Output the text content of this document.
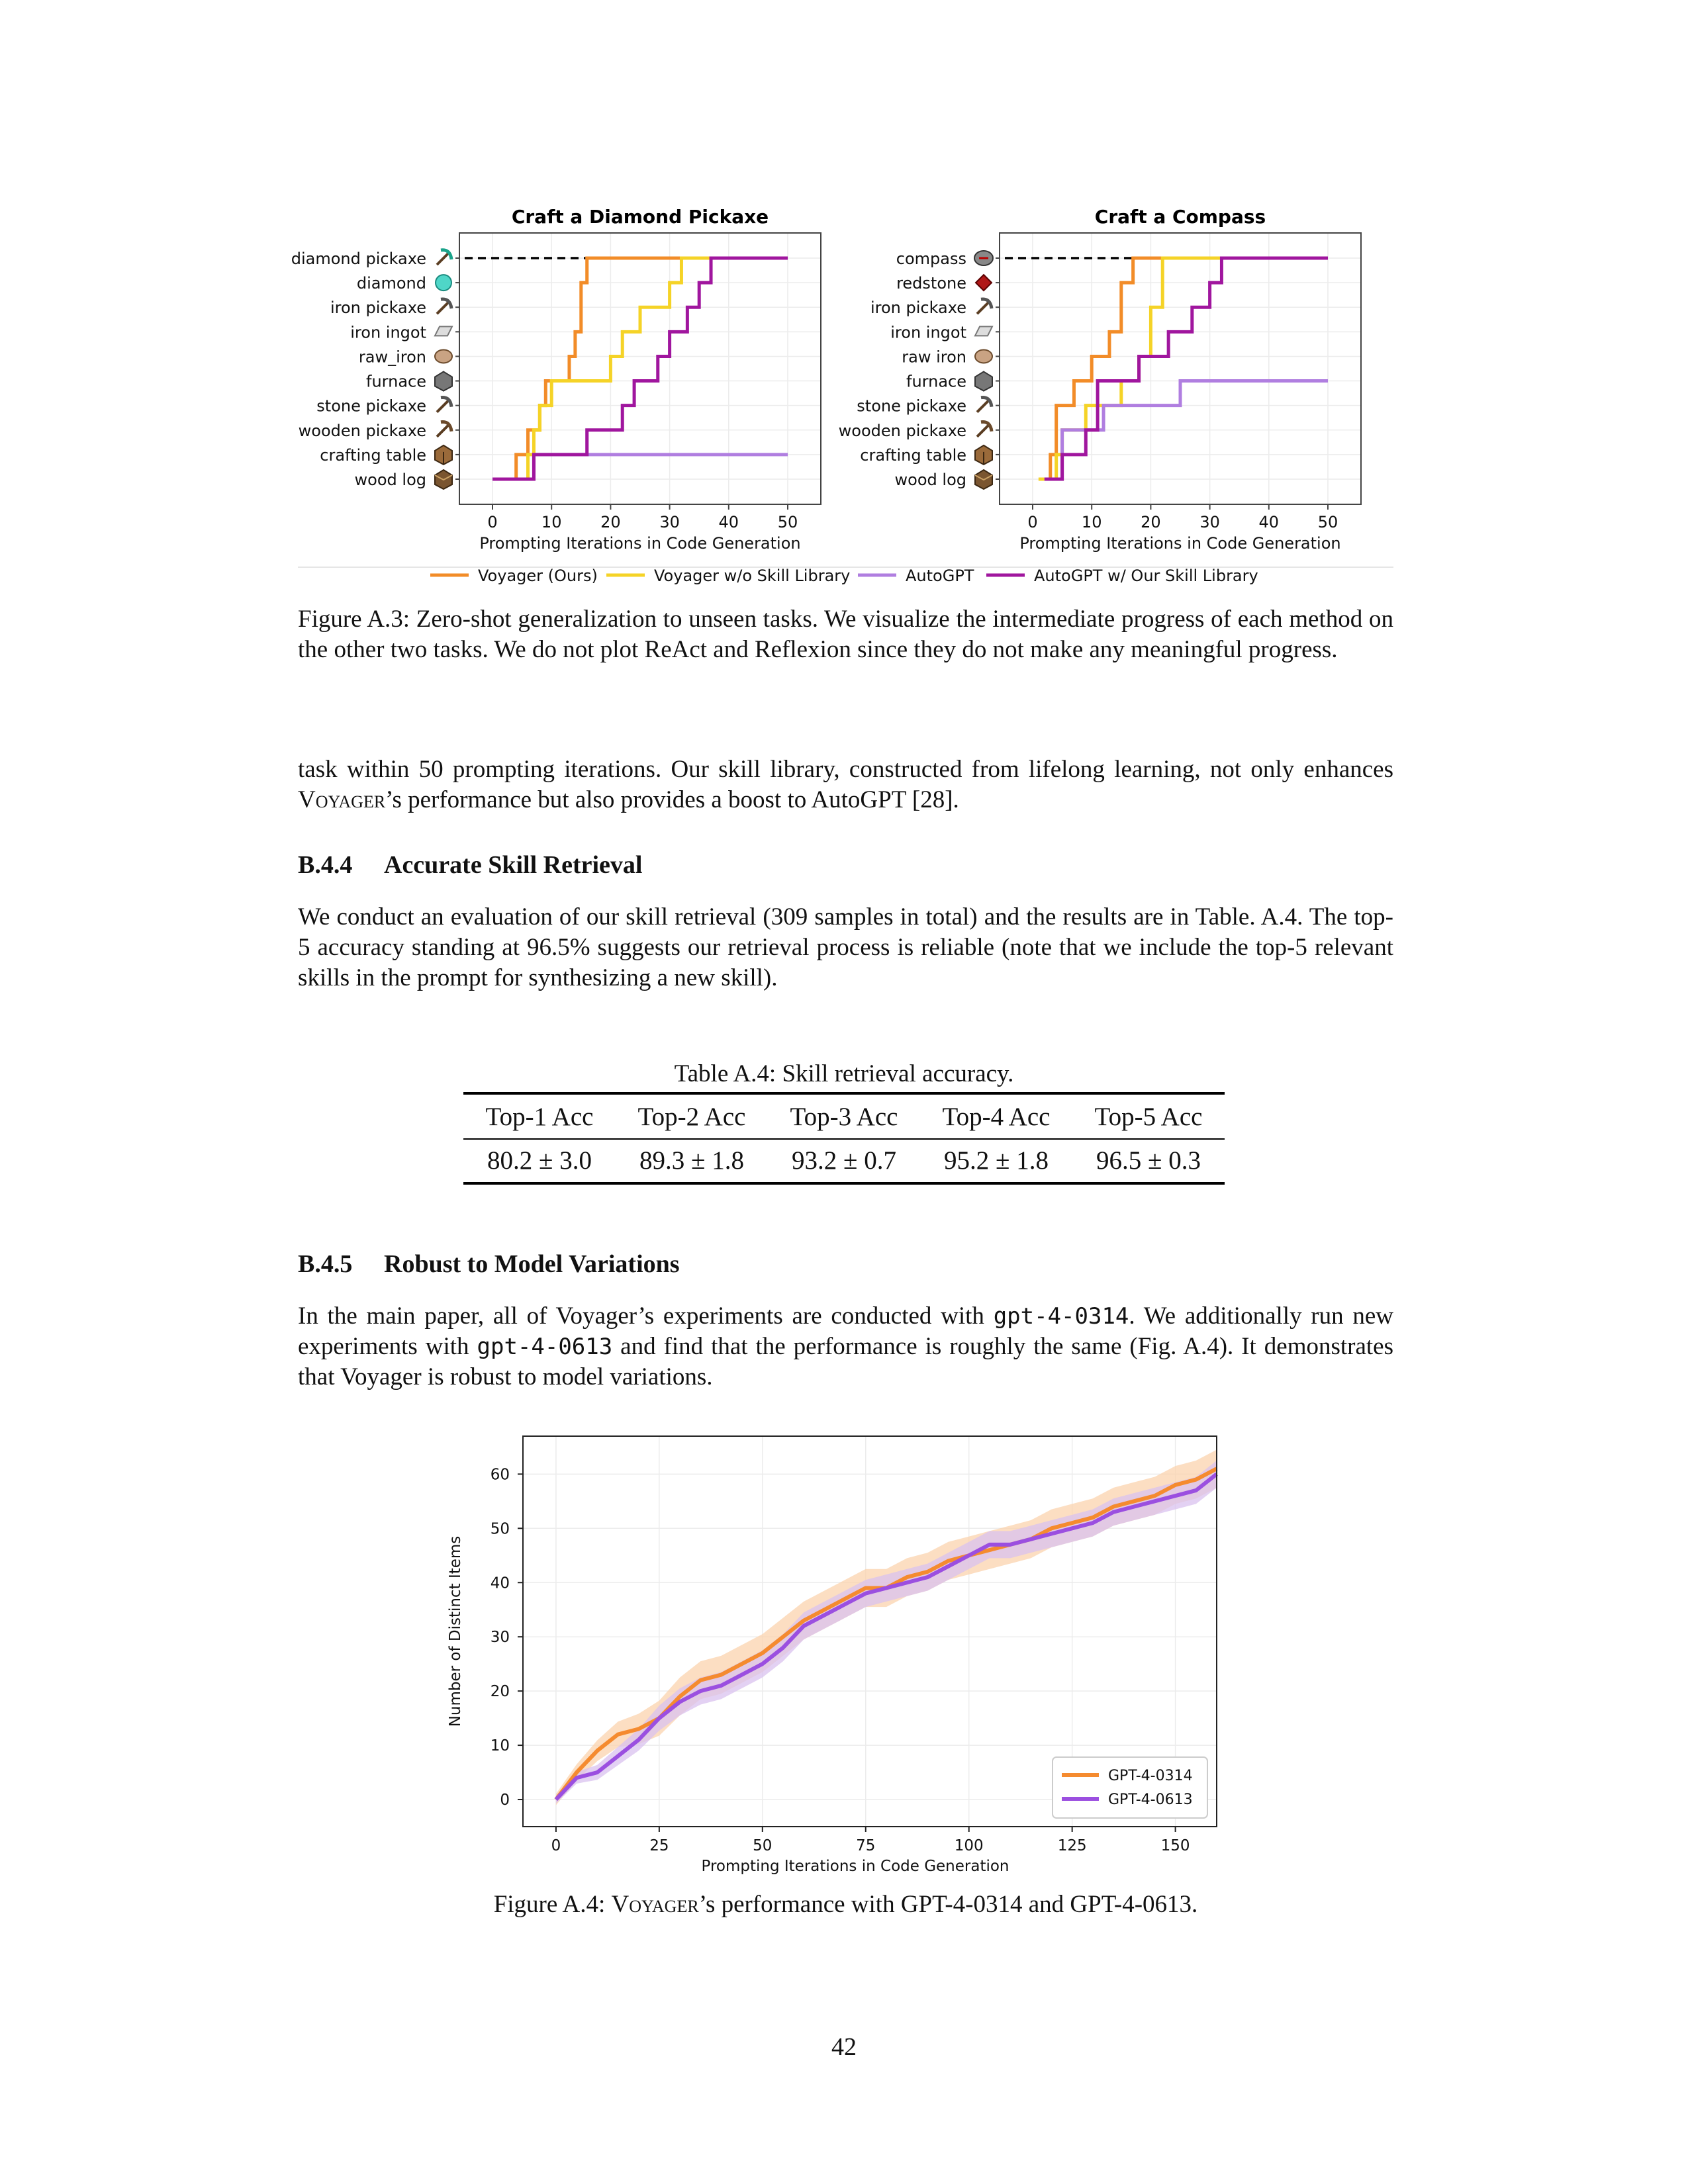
Craft a Diamond Pickaxe	Craft a Compass
wood log
crafting table
wooden pickaxe
stone pickaxe
furnace
raw_iron
iron ingot
iron pickaxe
diamond
diamond pickaxe
0	10 20 30 40 50
Prompting Iterations in Code Generation
wood log
crafting table
wooden pickaxe
stone pickaxe
furnace
raw iron
iron ingot
iron pickaxe
redstone
compass
0	10 20 30 40 50
Prompting Iterations in Code Generation
Voyager (Ours)	Voyager w/o Skill Library	AutoGPT	AutoGPT w/ Our Skill Library
Figure A.3: Zero-shot generalization to unseen tasks. We visualize the intermediate progress of each method on the other two tasks. We do not plot ReAct and Reflexion since they do not make any meaningful progress.
task within 50 prompting iterations. Our skill library, constructed from lifelong learning, not only enhances Voyager’s performance but also provides a boost to AutoGPT [28].
B.4.4 Accurate Skill Retrieval
We conduct an evaluation of our skill retrieval (309 samples in total) and the results are in Table. A.4. The top-5 accuracy standing at 96.5% suggests our retrieval process is reliable (note that we include the top-5 relevant skills in the prompt for synthesizing a new skill).
Table A.4: Skill retrieval accuracy.
Top-1 Acc	Top-2 Acc	Top-3 Acc	Top-4 Acc	Top-5 Acc
80.2 ± 3.0	89.3 ± 1.8	93.2 ± 0.7	95.2 ± 1.8	96.5 ± 0.3
B.4.5 Robust to Model Variations
In the main paper, all of Voyager’s experiments are conducted with gpt-4-0314. We additionally run new experiments with gpt-4-0613 and find that the performance is roughly the same (Fig. A.4). It demonstrates that Voyager is robust to model variations.
0	25	50	75	100	125	150
0
10
20
30
40
50
60
Prompting Iterations in Code Generation
Number of Distinct Items
GPT-4-0314
GPT-4-0613
Figure A.4: Voyager’s performance with GPT-4-0314 and GPT-4-0613.
42
